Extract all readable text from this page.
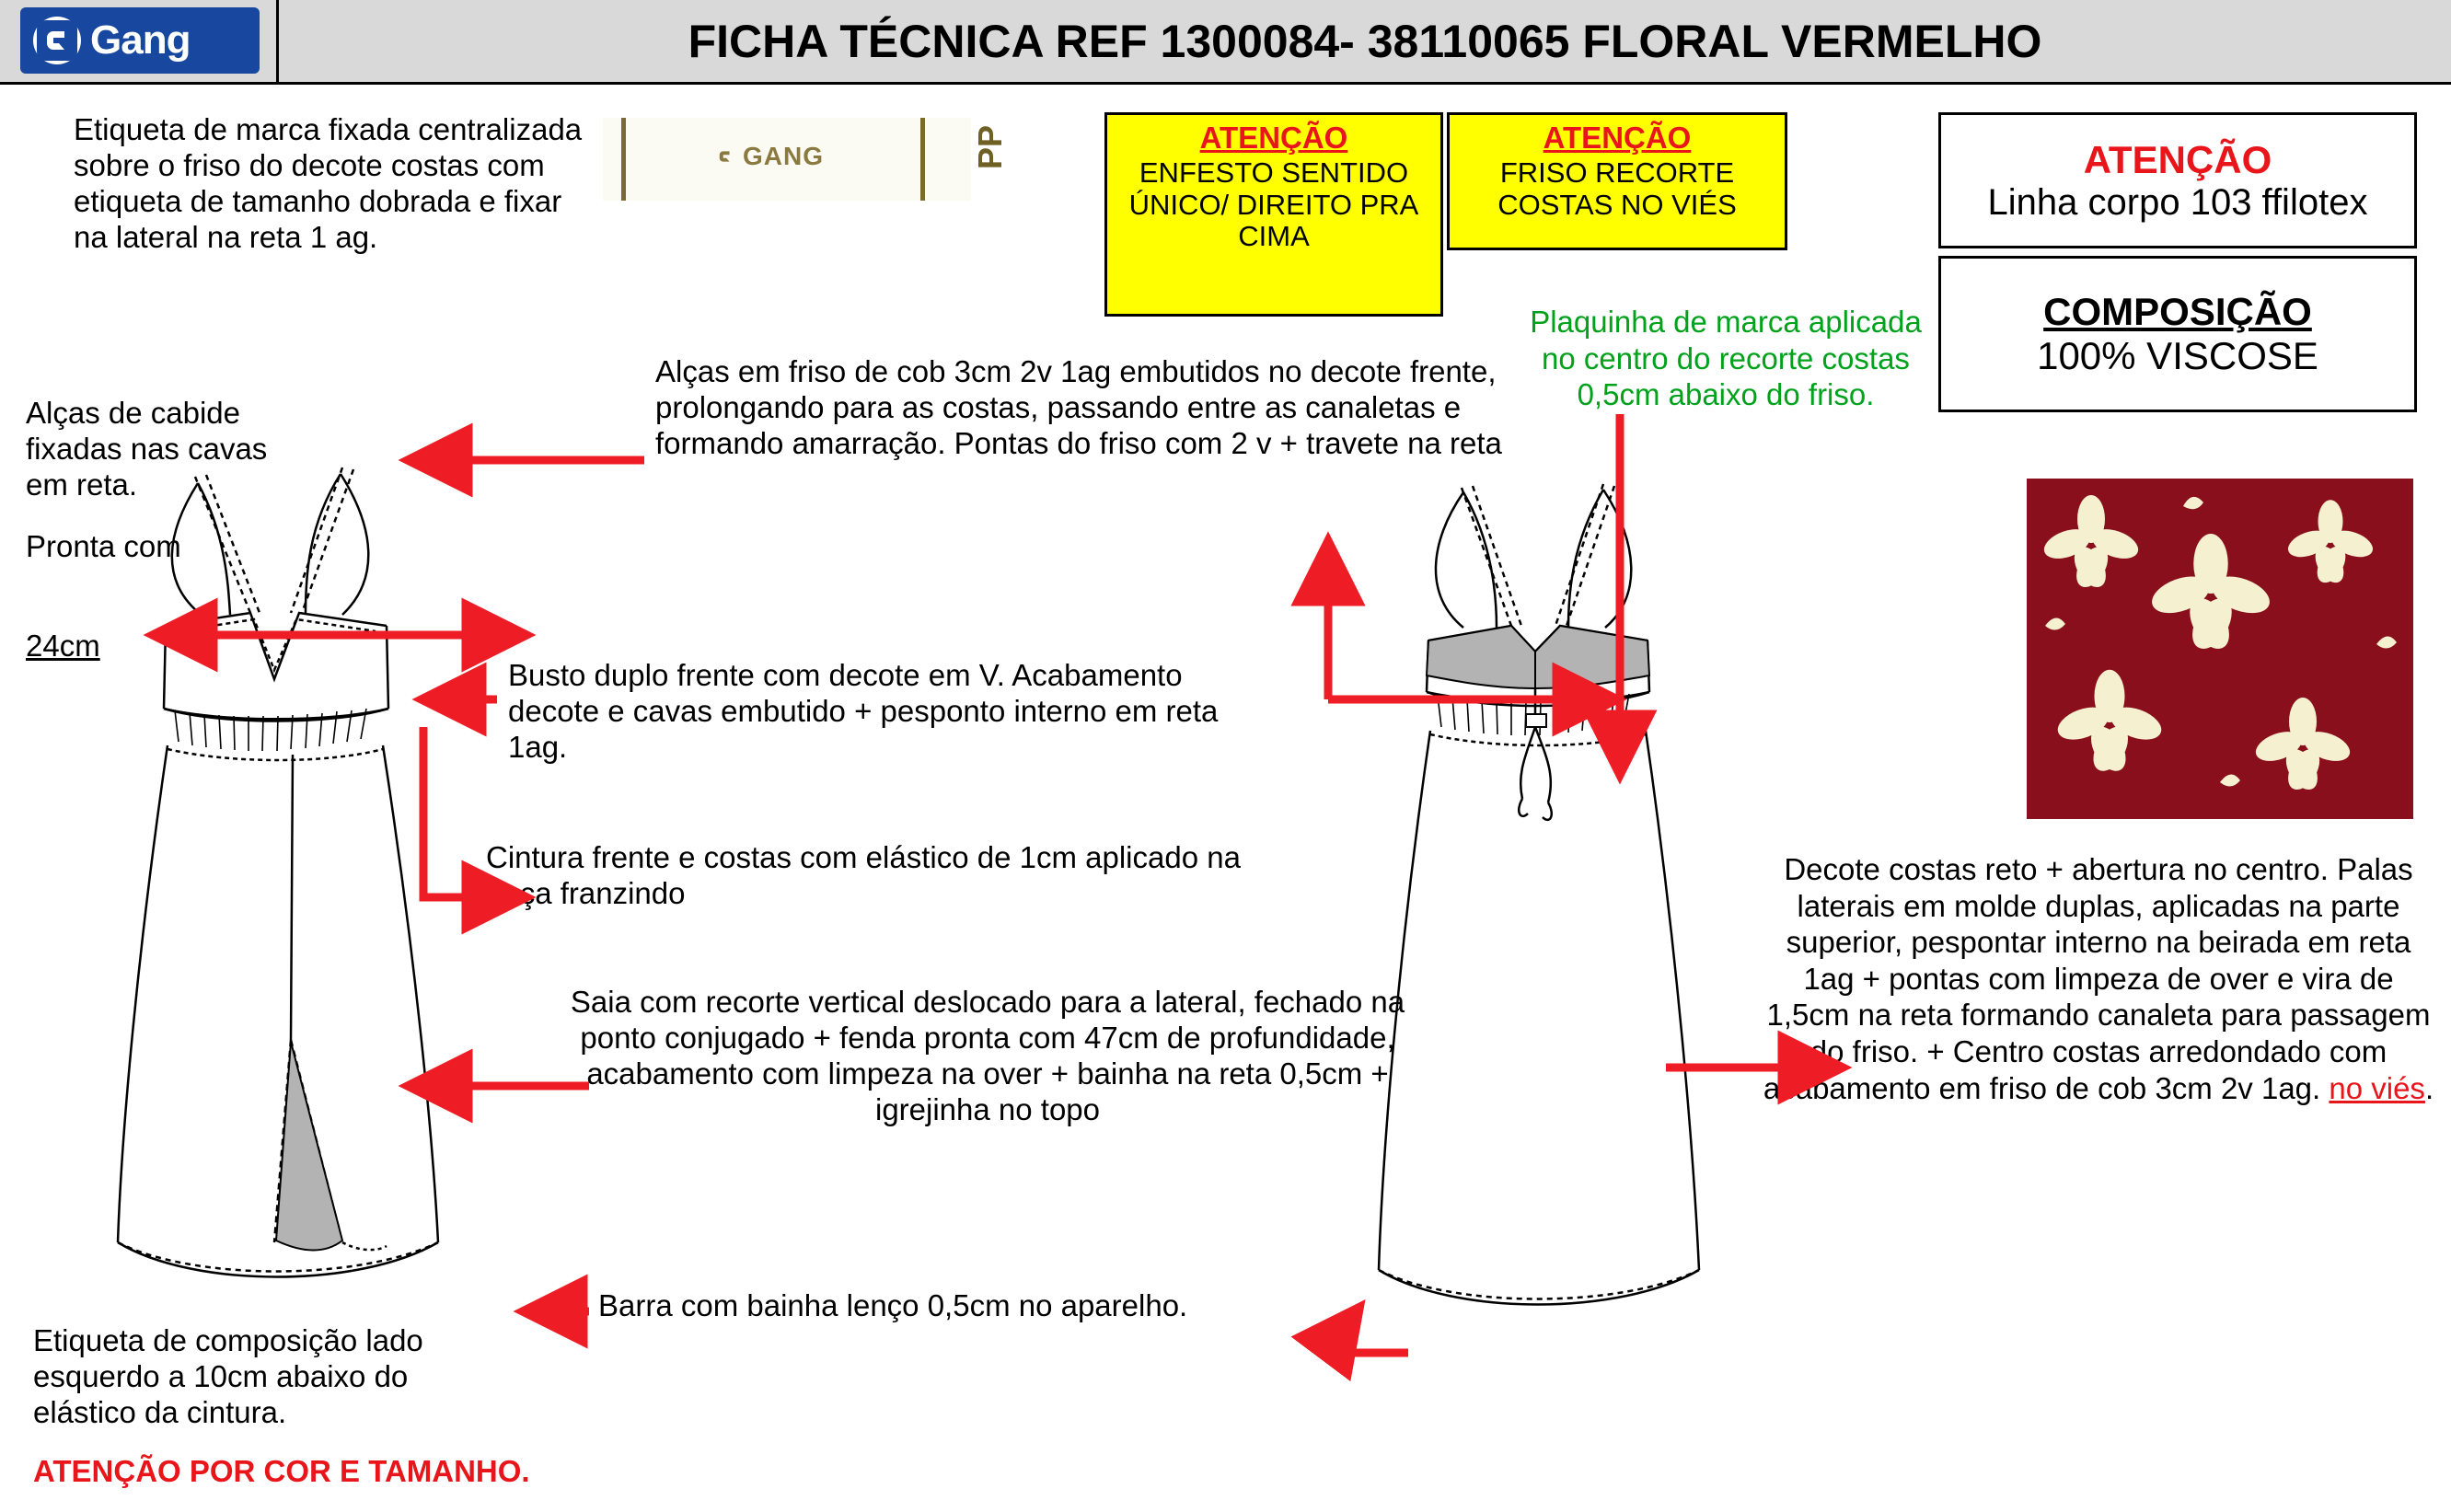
Gang	FICHA TÉCNICA REF 1300084- 38110065 FLORAL VERMELHO
Etiqueta de marca fixada centralizada sobre o friso do decote costas com etiqueta de tamanho dobrada e fixar na lateral na reta 1 ag.
GANG	PP	ATENÇÃO
ENFESTO SENTIDO ÚNICO/ DIREITO PRA CIMA
ATENÇÃO
FRISO RECORTE COSTAS NO VIÉS
ATENÇÃO
Linha corpo 103 ffilotex
COMPOSIÇÃO
100% VISCOSE
Plaquinha de marca aplicada no centro do recorte costas 0,5cm abaixo do friso.
Alças de cabide fixadas nas cavas em reta.
Pronta com
24cm
Alças em friso de cob 3cm 2v 1ag embutidos no decote frente, prolongando para as costas, passando entre as canaletas e formando amarração. Pontas do friso com 2 v + travete na reta
Busto duplo frente com decote em V. Acabamento decote e cavas embutido + pesponto interno em reta 1ag.
Cintura frente e costas com elástico de 1cm aplicado na peça franzindo
Saia com recorte vertical deslocado para a lateral, fechado na ponto conjugado + fenda pronta com 47cm de profundidade, acabamento com limpeza na over + bainha na reta 0,5cm + igrejinha no topo
Barra com bainha lenço 0,5cm no aparelho.
Etiqueta de composição lado esquerdo a 10cm abaixo do elástico da cintura.
ATENÇÃO POR COR E TAMANHO.
Decote costas reto + abertura no centro. Palas laterais em molde duplas, aplicadas na parte superior, pespontar interno na beirada em reta 1ag + pontas com limpeza de over e vira de 1,5cm na reta formando canaleta para passagem do friso. + Centro costas arredondado com acabamento em friso de cob 3cm 2v 1ag. no viés.
